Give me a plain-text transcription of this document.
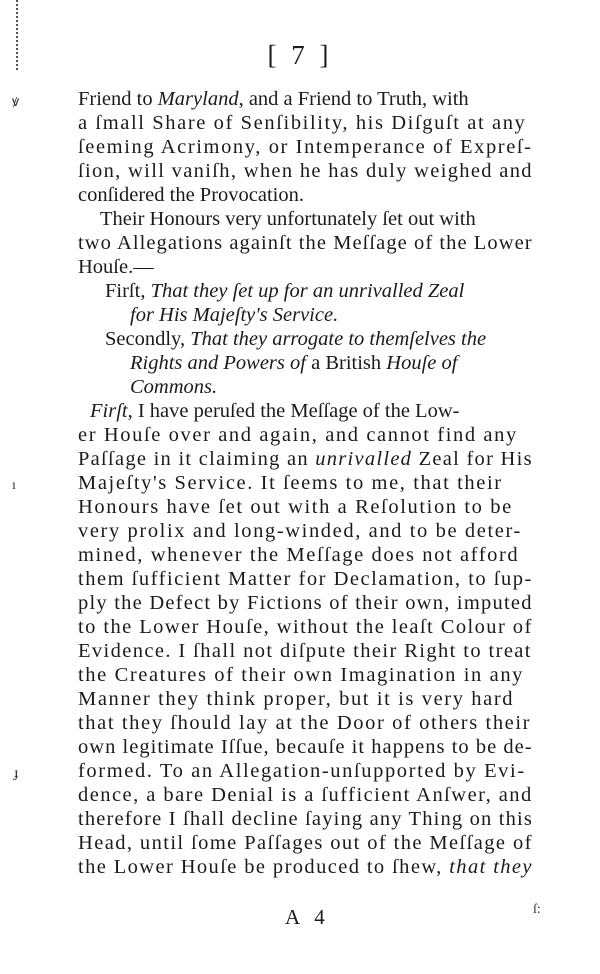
[ 7 ]
Friend to Maryland, and a Friend to Truth, with
a ſmall Share of Senſibility, his Diſguſt at any
ſeeming Acrimony, or Intemperance of Expreſ-
ſion, will vaniſh, when he has duly weighed and
conſidered the Provocation.
Their Honours very unfortunately ſet out with
two Allegations againſt the Meſſage of the Lower
Houſe.—
Firſt, That they ſet up for an unrivalled Zeal
for His Majeſty's Service.
Secondly, That they arrogate to themſelves the
Rights and Powers of a British Houſe of
Commons.
Firſt, I have peruſed the Meſſage of the Low-
er Houſe over and again, and cannot find any
Paſſage in it claiming an unrivalled Zeal for His
Majeſty's Service. It ſeems to me, that their
Honours have ſet out with a Reſolution to be
very prolix and long-winded, and to be deter-
mined, whenever the Meſſage does not afford
them ſufficient Matter for Declamation, to ſup-
ply the Defect by Fictions of their own, imputed
to the Lower Houſe, without the leaſt Colour of
Evidence. I ſhall not diſpute their Right to treat
the Creatures of their own Imagination in any
Manner they think proper, but it is very hard
that they ſhould lay at the Door of others their
own legitimate Iſſue, becauſe it happens to be de-
formed. To an Allegation-unſupported by Evi-
dence, a bare Denial is a ſufficient Anſwer, and
therefore I ſhall decline ſaying any Thing on this
Head, until ſome Paſſages out of the Meſſage of
the Lower Houſe be produced to ſhew, that they
A 4
ꝟ
ı
ɟ
ſ:
